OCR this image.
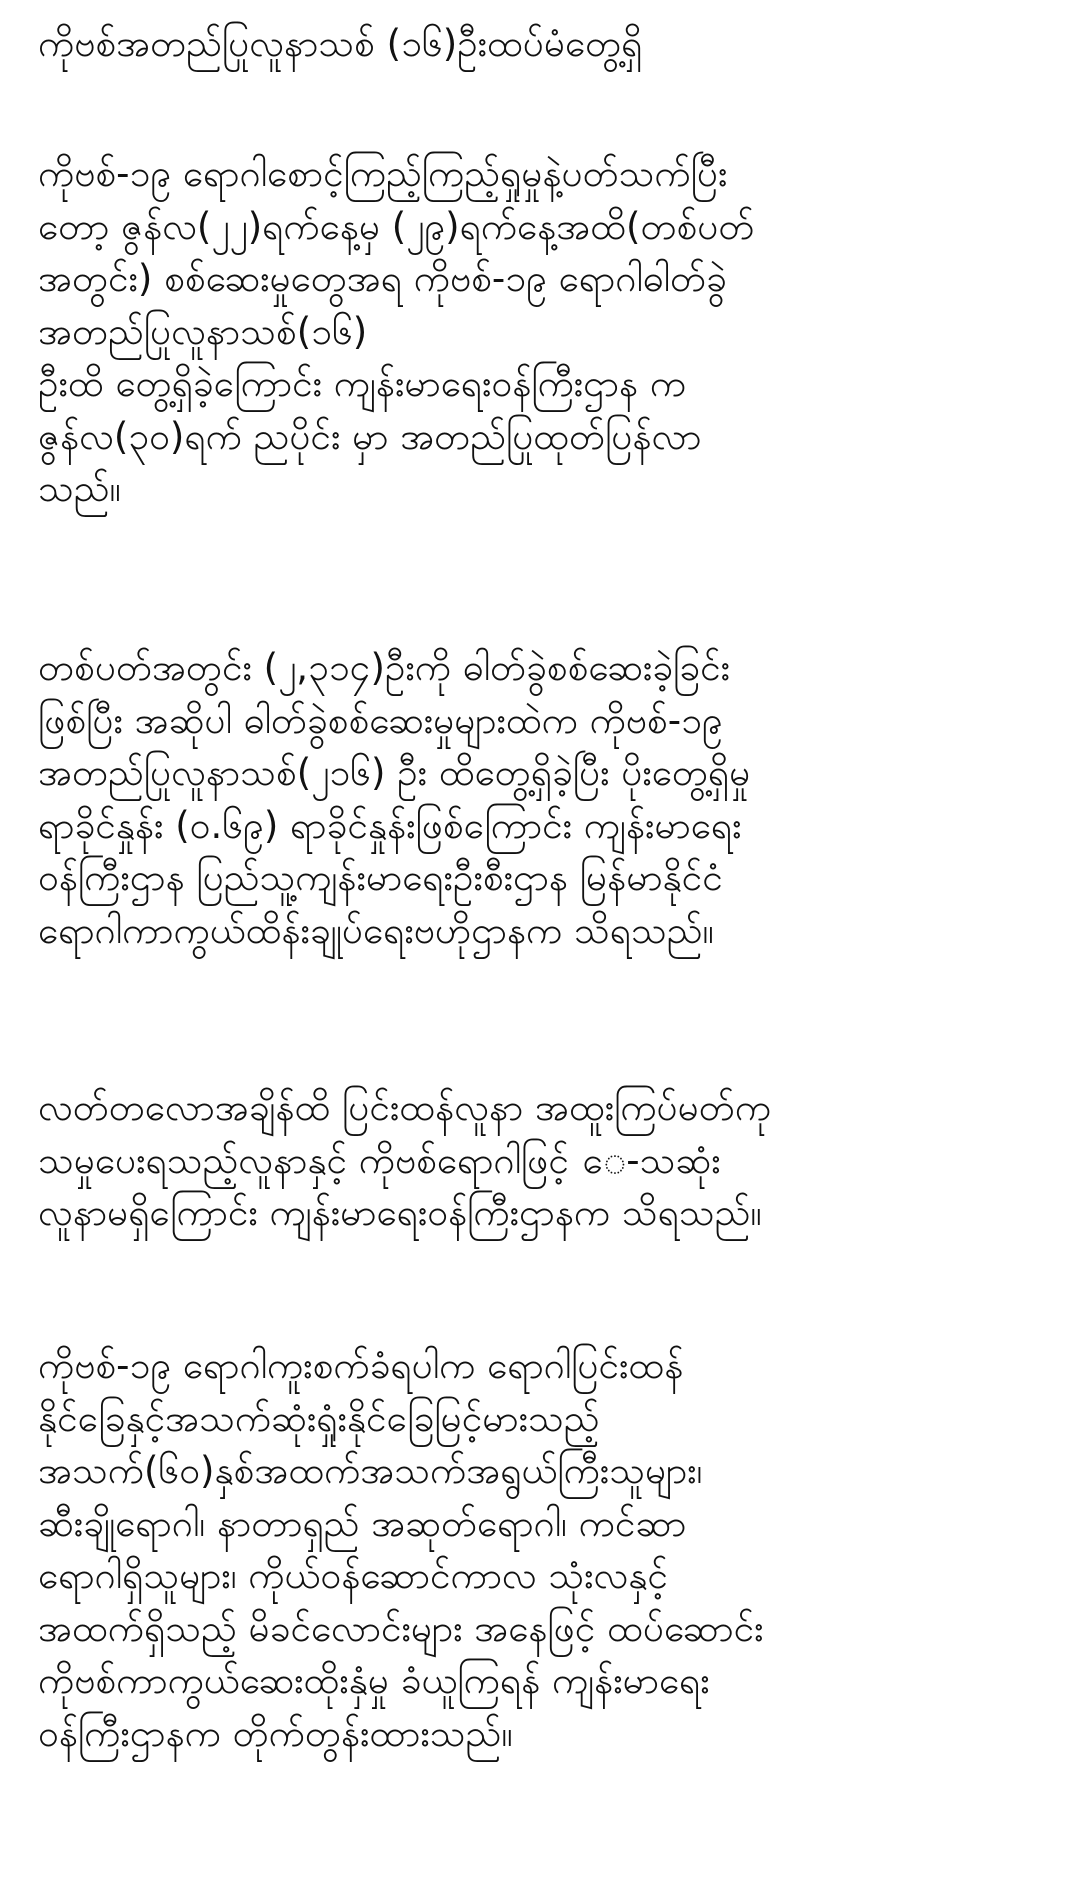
ကိုဗစ်အတည်ပြုလူနာသစ် (၁၆)ဦးထပ်မံတွေ့ရှိ
ကိုဗစ်-၁၉ ရောဂါစောင့်ကြည့်ကြည့်ရှုမှုနဲ့ပတ်သက်ပြီး
တော့ ဇွန်လ(၂၂)ရက်နေ့မှ (၂၉)ရက်နေ့အထိ(တစ်ပတ်
အတွင်း) စစ်ဆေးမှုတွေအရ ကိုဗစ်-၁၉ ရောဂါဓါတ်ခွဲ
အတည်ပြုလူနာသစ်(၁၆)
ဦးထိ တွေ့ရှိခဲ့ကြောင်း ကျန်းမာရေးဝန်ကြီးဌာန က
ဇွန်လ(၃၀)ရက် ညပိုင်း မှာ အတည်ပြုထုတ်ပြန်လာ
သည်။
တစ်ပတ်အတွင်း (၂,၃၁၄)ဦးကို ဓါတ်ခွဲစစ်ဆေးခဲ့ခြင်း
ဖြစ်ပြီး အဆိုပါ ဓါတ်ခွဲစစ်ဆေးမှုများထဲက ကိုဗစ်-၁၉
အတည်ပြုလူနာသစ်(၂၁၆) ဦး ထိတွေ့ရှိခဲ့ပြီး ပိုးတွေ့ရှိမှု
ရာခိုင်နှုန်း (၀.၆၉) ရာခိုင်နှုန်းဖြစ်ကြောင်း ကျန်းမာရေး
ဝန်ကြီးဌာန ပြည်သူ့ကျန်းမာရေးဦးစီးဌာန မြန်မာနိုင်ငံ
ရောဂါကာကွယ်ထိန်းချုပ်ရေးဗဟိုဌာနက သိရသည်။
လတ်တလောအချိန်ထိ ပြင်းထန်လူနာ အထူးကြပ်မတ်ကု
သမှုပေးရသည့်လူနာနှင့် ကိုဗစ်ရောဂါဖြင့် ေ-သဆုံး
လူနာမရှိကြောင်း ကျန်းမာရေးဝန်ကြီးဌာနက သိရသည်။
ကိုဗစ်-၁၉ ရောဂါကူးစက်ခံရပါက ရောဂါပြင်းထန်
နိုင်ခြေနှင့်အသက်ဆုံးရှုံးနိုင်ခြေမြင့်မားသည့်
အသက်(၆၀)နှစ်အထက်အသက်အရွယ်ကြီးသူများ၊
ဆီးချိုရောဂါ၊ နာတာရှည် အဆုတ်ရောဂါ၊ ကင်ဆာ
ရောဂါရှိသူများ၊ ကိုယ်ဝန်ဆောင်ကာလ သုံးလနှင့်
အထက်ရှိသည့် မိခင်လောင်းများ အနေဖြင့် ထပ်ဆောင်း
ကိုဗစ်ကာကွယ်ဆေးထိုးနှံမှု ခံယူကြရန် ကျန်းမာရေး
ဝန်ကြီးဌာနက တိုက်တွန်းထားသည်။
